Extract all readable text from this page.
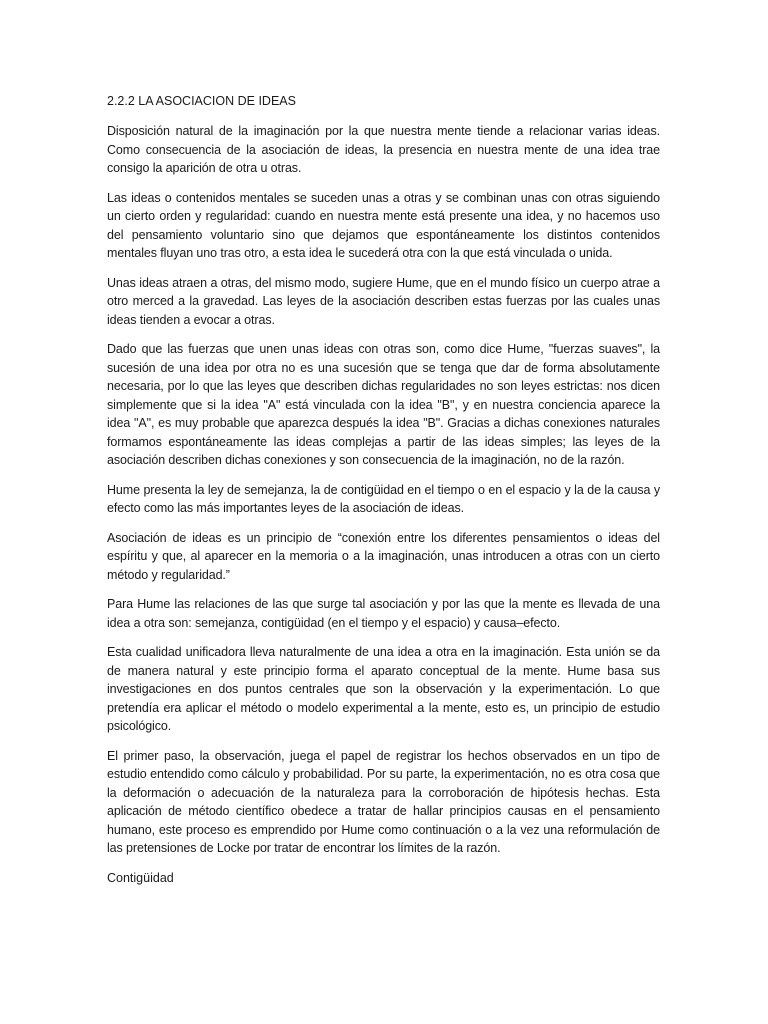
2.2.2 LA ASOCIACION DE IDEAS

Disposición natural de la imaginación por la que nuestra mente tiende a relacionar varias ideas. Como consecuencia de la asociación de ideas, la presencia en nuestra mente de una idea trae consigo la aparición de otra u otras.

Las ideas o contenidos mentales se suceden unas a otras y se combinan unas con otras siguiendo un cierto orden y regularidad: cuando en nuestra mente está presente una idea, y no hacemos uso del pensamiento voluntario sino que dejamos que espontáneamente los distintos contenidos mentales fluyan uno tras otro, a esta idea le sucederá otra con la que está vinculada o unida.

Unas ideas atraen a otras, del mismo modo, sugiere Hume, que en el mundo físico un cuerpo atrae a otro merced a la gravedad. Las leyes de la asociación describen estas fuerzas por las cuales unas ideas tienden a evocar a otras.

Dado que las fuerzas que unen unas ideas con otras son, como dice Hume, "fuerzas suaves", la sucesión de una idea por otra no es una sucesión que se tenga que dar de forma absolutamente necesaria, por lo que las leyes que describen dichas regularidades no son leyes estrictas: nos dicen simplemente que si la idea "A" está vinculada con la idea "B", y en nuestra conciencia aparece la idea "A", es muy probable que aparezca después la idea "B". Gracias a dichas conexiones naturales formamos espontáneamente las ideas complejas a partir de las ideas simples; las leyes de la asociación describen dichas conexiones y son consecuencia de la imaginación, no de la razón.

Hume presenta la ley de semejanza, la de contigüidad en el tiempo o en el espacio y la de la causa y efecto como las más importantes leyes de la asociación de ideas.

Asociación de ideas es un principio de “conexión entre los diferentes pensamientos o ideas del espíritu y que, al aparecer en la memoria o a la imaginación, unas introducen a otras con un cierto método y regularidad.”

Para Hume las relaciones de las que surge tal asociación y por las que la mente es llevada de una idea a otra son: semejanza, contigüidad (en el tiempo y el espacio) y causa–efecto.

Esta cualidad unificadora lleva naturalmente de una idea a otra en la imaginación. Esta unión se da de manera natural y este principio forma el aparato conceptual de la mente. Hume basa sus investigaciones en dos puntos centrales que son la observación y la experimentación. Lo que pretendía era aplicar el método o modelo experimental a la mente, esto es, un principio de estudio psicológico.

El primer paso, la observación, juega el papel de registrar los hechos observados en un tipo de estudio entendido como cálculo y probabilidad. Por su parte, la experimentación, no es otra cosa que la deformación o adecuación de la naturaleza para la corroboración de hipótesis hechas. Esta aplicación de método científico obedece a tratar de hallar principios causas en el pensamiento humano, este proceso es emprendido por Hume como continuación o a la vez una reformulación de las pretensiones de Locke por tratar de encontrar los límites de la razón.

Contigüidad
